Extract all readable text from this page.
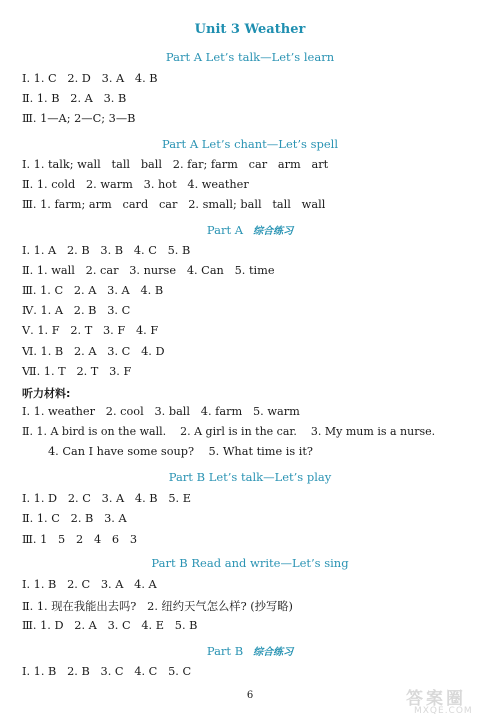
Unit 3 Weather
Part A Let’s talk—Let’s learn
Ⅰ. 1. C   2. D   3. A   4. B
Ⅱ. 1. B   2. A   3. B
Ⅲ. 1—A; 2—C; 3—B
Part A Let’s chant—Let’s spell
Ⅰ. 1. talk; wall   tall   ball   2. far; farm   car   arm   art
Ⅱ. 1. cold   2. warm   3. hot   4. weather
Ⅲ. 1. farm; arm   card   car   2. small; ball   tall   wall
Part A 综合练习
Ⅰ. 1. A   2. B   3. B   4. C   5. B
Ⅱ. 1. wall   2. car   3. nurse   4. Can   5. time
Ⅲ. 1. C   2. A   3. A   4. B
Ⅳ. 1. A   2. B   3. C
Ⅴ. 1. F   2. T   3. F   4. F
Ⅵ. 1. B   2. A   3. C   4. D
Ⅶ. 1. T   2. T   3. F
听力材料:
Ⅰ. 1. weather   2. cool   3. ball   4. farm   5. warm
Ⅱ. 1. A bird is on the wall.    2. A girl is in the car.    3. My mum is a nurse.
4. Can I have some soup?    5. What time is it?
Part B Let’s talk—Let’s play
Ⅰ. 1. D   2. C   3. A   4. B   5. E
Ⅱ. 1. C   2. B   3. A
Ⅲ. 1   5   2   4   6   3
Part B Read and write—Let’s sing
Ⅰ. 1. B   2. C   3. A   4. A
Ⅱ. 1. 现在我能出去吗?   2. 纽约天气怎么样? (抄写略)
Ⅲ. 1. D   2. A   3. C   4. E   5. B
Part B 综合练习
Ⅰ. 1. B   2. B   3. C   4. C   5. C
6	答案圈
MXQE.COM
